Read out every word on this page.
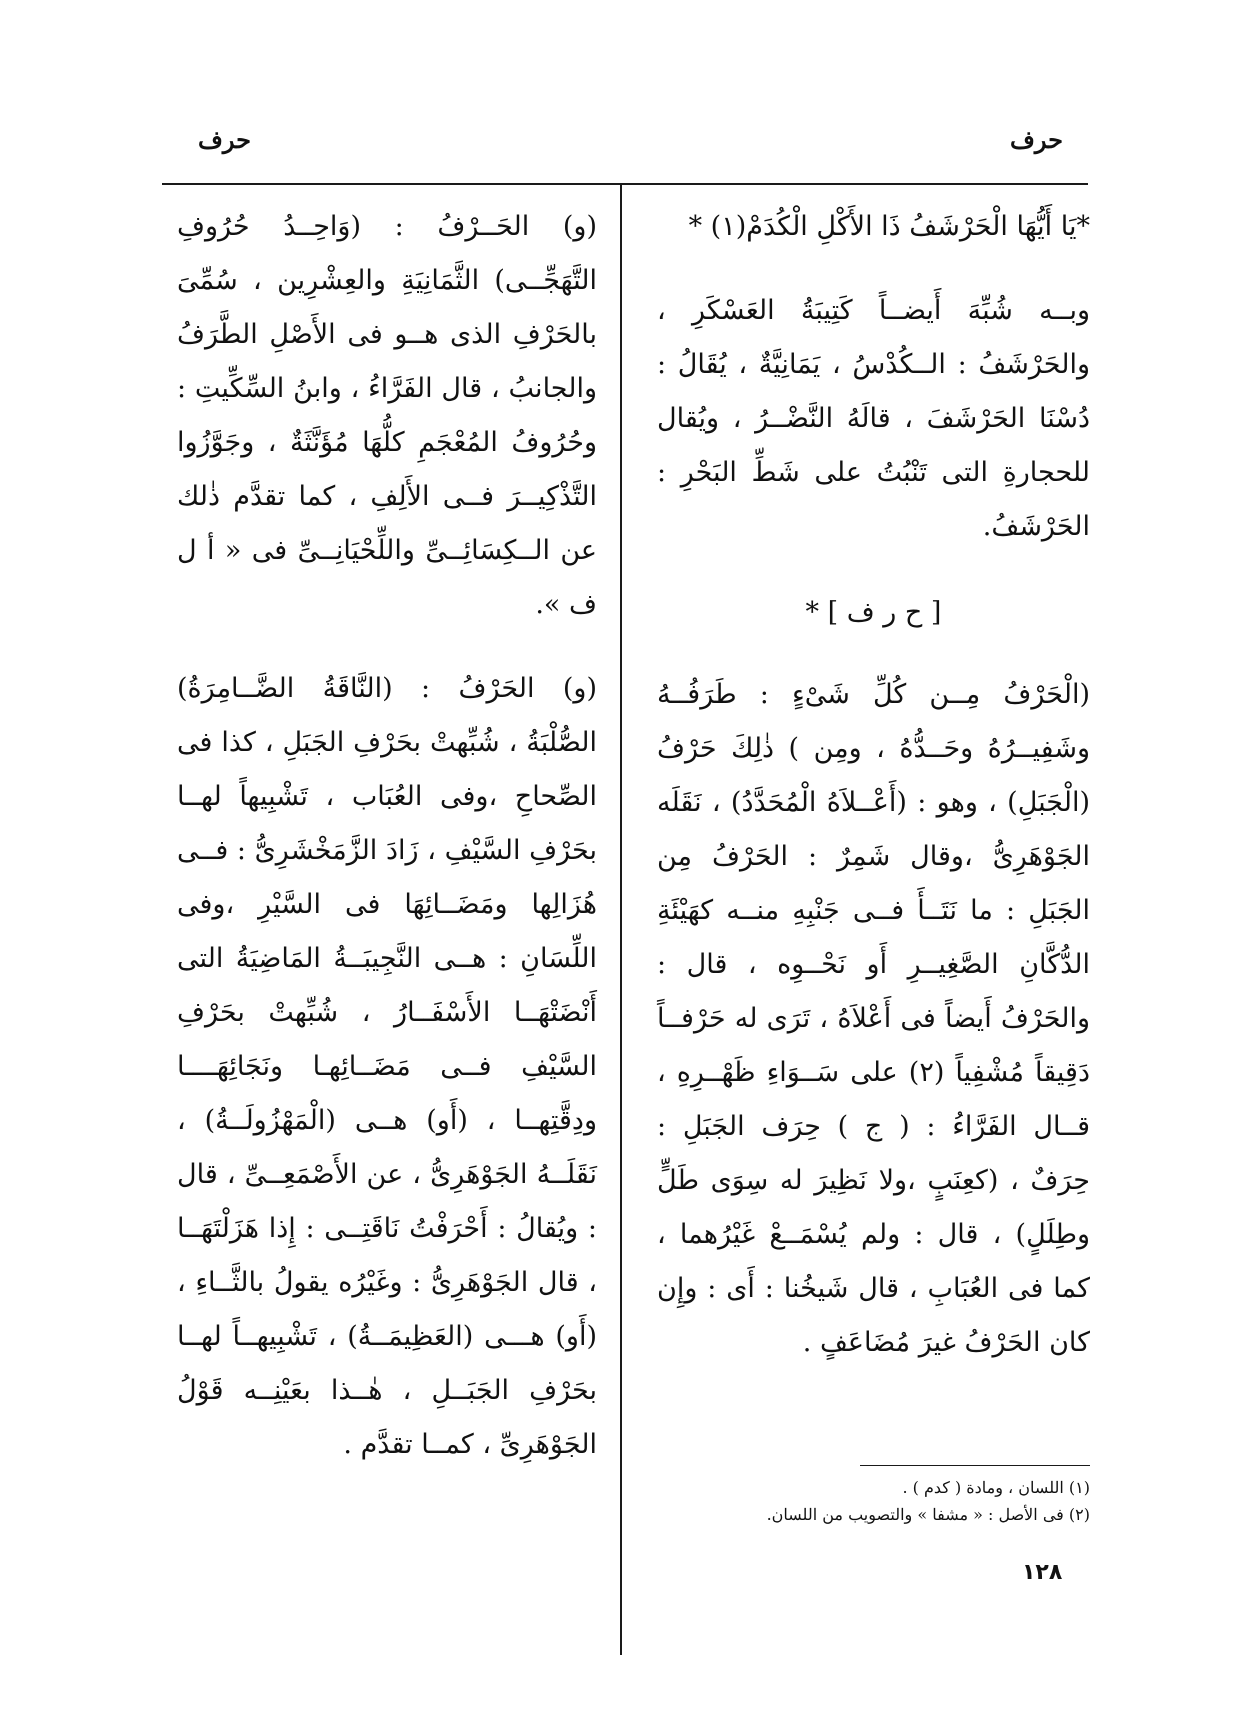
حرف
حرف

*يَا أَيُّهَا الْحَرْشَفُ ذَا الأَكْلِ الْكُدَمْ(١) *

وبــه شُبِّهَ أَيضــاً كَتِيبَةُ العَسْكَرِ ، والحَرْشَفُ : الــكُدْسُ ، يَمَانِيَّةٌ ، يُقَالُ : دُسْنَا الحَرْشَفَ ، قالَهُ النَّضْــرُ ، ويُقال للحجارةِ التى تَنْبُتُ على شَطِّ البَحْرِ : الحَرْشَفُ.

[ ح ر ف ] *

(الْحَرْفُ مِــن كُلِّ شَىْءٍ : طَرَفُــهُ وشَفِيــرُهُ وحَــدُّهُ ، ومِن ) ذٰلِكَ حَرْفُ (الْجَبَلِ) ، وهو : (أَعْــلاَهُ الْمُحَدَّدُ) ، نَقَلَه الجَوْهَرِىُّ ،وقال شَمِرٌ : الحَرْفُ مِن الجَبَلِ : ما نَتَــأَ فــى جَنْبِهِ منــه كهَيْئَةِ الدُّكَّانِ الصَّغِيــرِ أَو نَحْــوِه ، قال : والحَرْفُ أَيضاً فى أَعْلاَهُ ، تَرَى له حَرْفــاً دَقِيقاً مُشْفِياً (٢) على سَــوَاءِ ظَهْــرِهِ ، قــال الفَرَّاءُ : ( ج ) حِرَف الجَبَلِ : حِرَفٌ ، (كعِنَبٍ ،ولا نَظِيرَ له سِوَى طَلٍّ وطِلَلٍ) ، قال : ولم يُسْمَــعْ غَيْرُهما ، كما فى العُبَابِ ، قال شَيخُنا : أَى : وإِن كان الحَرْفُ غيرَ مُضَاعَفٍ .

(و) الحَــرْفُ : (وَاحِــدُ حُرُوفِ التَّهَجِّــى) الثَّمَانِيَةِ والعِشْرِين ، سُمِّىَ بالحَرْفِ الذى هــو فى الأَصْلِ الطَّرَفُ والجانبُ ، قال الفَرَّاءُ ، وابنُ السِّكِّيتِ : وحُرُوفُ المُعْجَمِ كلُّهَا مُؤَنَّثَةٌ ، وجَوَّزُوا التَّذْكِيــرَ فــى الأَلِفِ ، كما تقدَّم ذٰلك عن الــكِسَائِــىِّ واللِّحْيَانِــىِّ فى « أ ل ف ».

(و) الحَرْفُ : (النَّاقَةُ الضَّــامِرَةُ) الصُّلْبَةُ ، شُبِّهتْ بحَرْفِ الجَبَلِ ، كذا فى الصِّحاحِ ،وفى العُبَاب ، تَشْبِيهاً لهــا بحَرْفِ السَّيْفِ ، زَادَ الزَّمَخْشَرِىُّ : فــى هُزَالِها ومَضَــائِهَا فى السَّيْرِ ،وفى اللِّسَانِ : هــى النَّجِيبَــةُ المَاضِيَةُ التى أَنْضَتْهَــا الأَسْفَــارُ ، شُبِّهتْ بحَرْفِ السَّيْفِ فــى مَضَــائِهـا ونَجَائِهَــــا ودِقَّتِهــا ، (أَو) هــى (الْمَهْزُولَــةُ) ، نَقَلَــهُ الجَوْهَرِىُّ ، عن الأَصْمَعِــىِّ ، قال : ويُقالُ : أَحْرَفْتُ نَاقَتِــى : إِذا هَزَلْتَهَــا ، قال الجَوْهَرِىُّ : وغَيْرُه يقولُ بالثَّــاءِ ، (أَو) هـــى (العَظِيمَــةُ) ، تَشْبِيهــاً لهــا بحَرْفِ الجَبَــلِ ، هٰــذا بعَيْنِــه قَوْلُ الجَوْهَرِىِّ ، كمــا تقدَّم .

(١) اللسان ، ومادة ( كدم ) .

(٢) فى الأصل : « مشفا » والتصويب من اللسان.

١٢٨
